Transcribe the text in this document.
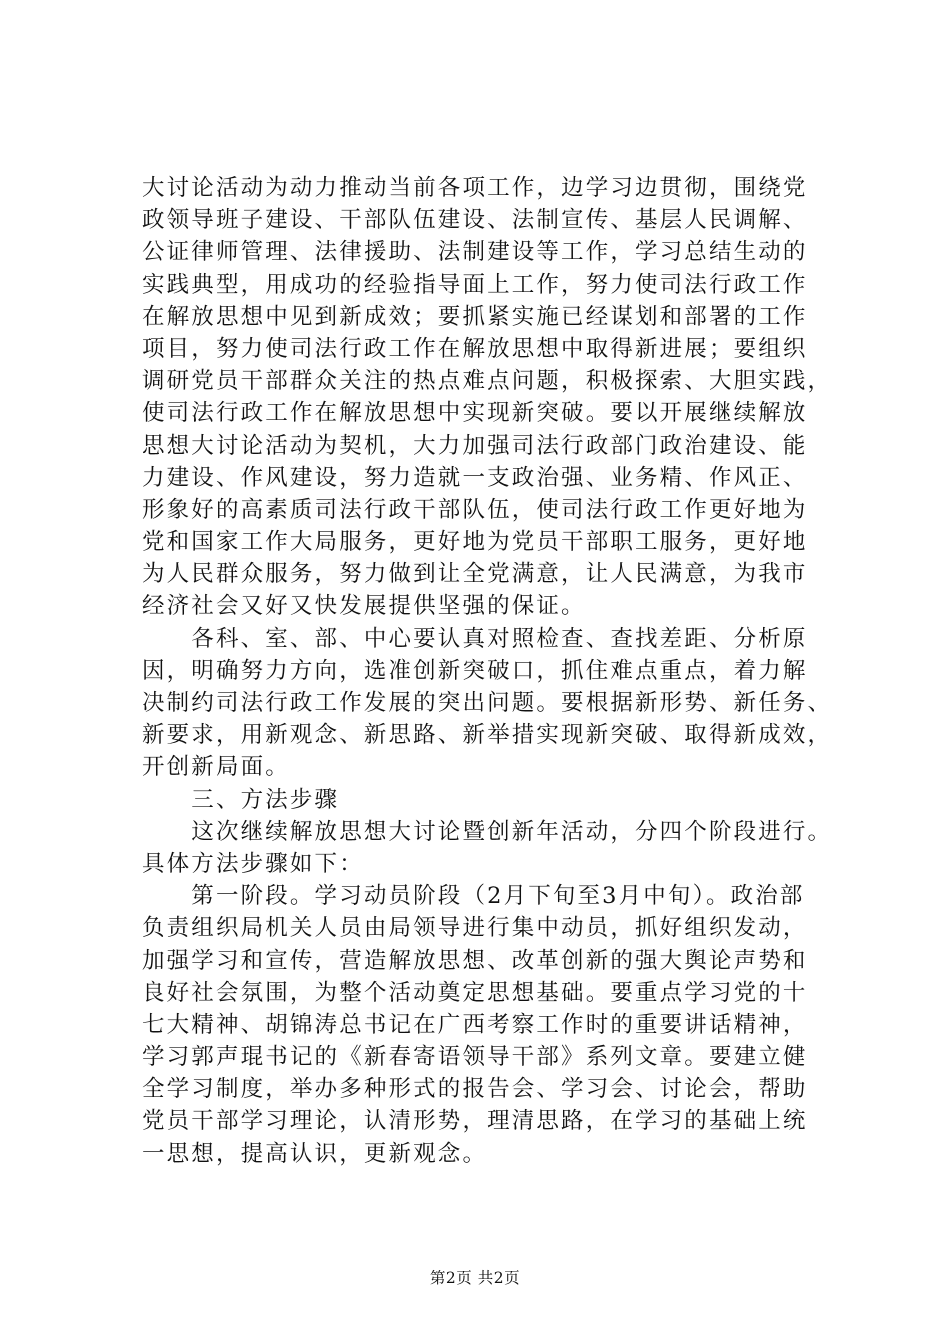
大讨论活动为动力推动当前各项工作，边学习边贯彻，围绕党
政领导班子建设、干部队伍建设、法制宣传、基层人民调解、
公证律师管理、法律援助、法制建设等工作，学习总结生动的
实践典型，用成功的经验指导面上工作，努力使司法行政工作
在解放思想中见到新成效；要抓紧实施已经谋划和部署的工作
项目，努力使司法行政工作在解放思想中取得新进展；要组织
调研党员干部群众关注的热点难点问题，积极探索、大胆实践，
使司法行政工作在解放思想中实现新突破。要以开展继续解放
思想大讨论活动为契机，大力加强司法行政部门政治建设、能
力建设、作风建设，努力造就一支政治强、业务精、作风正、
形象好的高素质司法行政干部队伍，使司法行政工作更好地为
党和国家工作大局服务，更好地为党员干部职工服务，更好地
为人民群众服务，努力做到让全党满意，让人民满意，为我市
经济社会又好又快发展提供坚强的保证。
　　各科、室、部、中心要认真对照检查、查找差距、分析原
因，明确努力方向，选准创新突破口，抓住难点重点，着力解
决制约司法行政工作发展的突出问题。要根据新形势、新任务、
新要求，用新观念、新思路、新举措实现新突破、取得新成效，
开创新局面。
　　三、方法步骤
　　这次继续解放思想大讨论暨创新年活动，分四个阶段进行。
具体方法步骤如下：
　　第一阶段。学习动员阶段（2月下旬至3月中旬）。政治部
负责组织局机关人员由局领导进行集中动员，抓好组织发动，
加强学习和宣传，营造解放思想、改革创新的强大舆论声势和
良好社会氛围，为整个活动奠定思想基础。要重点学习党的十
七大精神、胡锦涛总书记在广西考察工作时的重要讲话精神，
学习郭声琨书记的《新春寄语领导干部》系列文章。要建立健
全学习制度，举办多种形式的报告会、学习会、讨论会，帮助
党员干部学习理论，认清形势，理清思路，在学习的基础上统
一思想，提高认识，更新观念。
第2页 共2页
